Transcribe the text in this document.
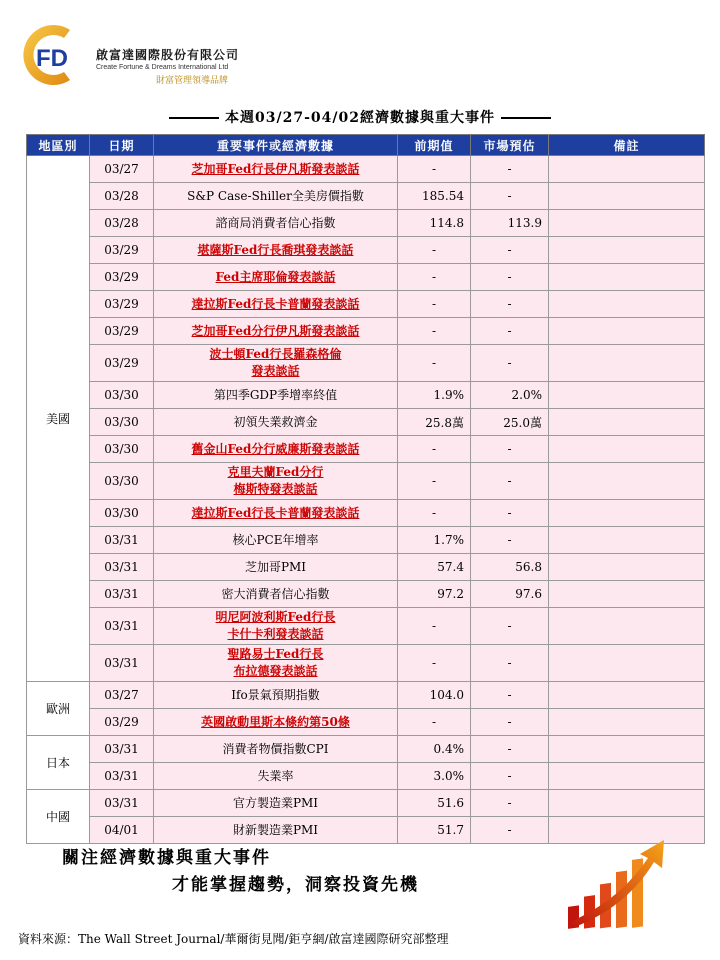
FD 啟富達國際股份有限公司
Create Fortune & Dreams International Ltd
財富管理領導品牌
本週03/27-04/02經濟數據與重大事件
地區別	日期	重要事件或經濟數據	前期值	市場預估	備註
美國	03/27	芝加哥Fed行長伊凡斯發表談話	-	-	
	03/28	S&P Case-Shiller全美房價指數	185.54	-	
	03/28	諮商局消費者信心指數	114.8	113.9	
	03/29	堪薩斯Fed行長喬琪發表談話	-	-	
	03/29	Fed主席耶倫發表談話	-	-	
	03/29	達拉斯Fed行長卡普蘭發表談話	-	-	
	03/29	芝加哥Fed分行伊凡斯發表談話	-	-	
	03/29	波士頓Fed行長羅森格倫
發表談話	-	-	
	03/30	第四季GDP季增率終值	1.9%	2.0%	
	03/30	初領失業救濟金	25.8萬	25.0萬	
	03/30	舊金山Fed分行威廉斯發表談話	-	-	
	03/30	克里夫蘭Fed分行
梅斯特發表談話	-	-	
	03/30	達拉斯Fed行長卡普蘭發表談話	-	-	
	03/31	核心PCE年增率	1.7%	-	
	03/31	芝加哥PMI	57.4	56.8	
	03/31	密大消費者信心指數	97.2	97.6	
	03/31	明尼阿波利斯Fed行長
卡什卡利發表談話	-	-	
	03/31	聖路易士Fed行長
布拉德發表談話	-	-	
歐洲	03/27	Ifo景氣預期指數	104.0	-	
	03/29	英國啟動里斯本條約第50條	-	-	
日本	03/31	消費者物價指數CPI	0.4%	-	
	03/31	失業率	3.0%	-	
中國	03/31	官方製造業PMI	51.6	-	
	04/01	財新製造業PMI	51.7	-	
關注經濟數據與重大事件
才能掌握趨勢，洞察投資先機
資料來源：The Wall Street Journal/華爾街見聞/鉅亨網/啟富達國際研究部整理
